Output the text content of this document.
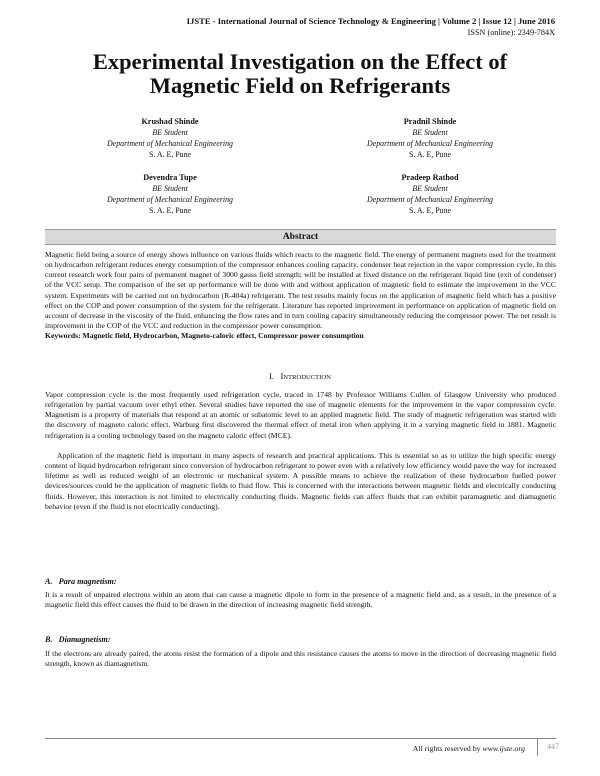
IJSTE - International Journal of Science Technology & Engineering | Volume 2 | Issue 12 | June 2016
ISSN (online): 2349-784X
Experimental Investigation on the Effect of
Magnetic Field on Refrigerants
Krushad Shinde
BE Student
Department of Mechanical Engineering
S. A. E, Pune
Pradnil Shinde
BE Student
Department of Mechanical Engineering
S. A. E, Pune
Devendra Tupe
BE Student
Department of Mechanical Engineering
S. A. E, Pune
Pradeep Rathod
BE Student
Department of Mechanical Engineering
S. A. E, Pune
Abstract
Magnetic field being a source of energy shows influence on various fluids which reacts to the magnetic field. The energy of permanent magnets used for the treatment on hydrocarbon refrigerant reduces energy consumption of the compressor enhances cooling capacity, condenser heat rejection in the vapor compression cycle. In this current research work four pairs of permanent magnet of 3000 gauss field strength; will be installed at fixed distance on the refrigerant liquid line (exit of condenser) of the VCC setup. The comparison of the set up performance will be done with and without application of magnetic field to estimate the improvement in the VCC system. Experiments will be carried out on hydrocarbon (R-404a) refrigerant. The test results mainly focus on the application of magnetic field which has a positive effect on the COP and power consumption of the system for the refrigerant. Literature has reported improvement in performance on application of magnetic field on account of decrease in the viscosity of the fluid, enhancing the flow rates and in turn cooling capacity simultaneously reducing the compressor power. The net result is improvement in the COP of the VCC and reduction in the compressor power consumption.
Keywords: Magnetic field, Hydrocarbon, Magneto-caloric effect, Compressor power consumption
I. INTRODUCTION
Vapor compression cycle is the most frequently used refrigeration cycle, traced in 1748 by Professor Williams Cullen of Glasgow University who produced refrigeration by partial vacuum over ethyl ether. Several studies have reported the use of magnetic elements for the improvement in the vapor compression cycle. Magnetism is a property of materials that respond at an atomic or subatomic level to an applied magnetic field. The study of magnetic refrigeration was started with the discovery of magneto caloric effect. Warburg first discovered the thermal effect of metal iron when applying it in a varying magnetic field in 1881. Magnetic refrigeration is a cooling technology based on the magneto caloric effect (MCE).
Application of the magnetic field is important in many aspects of research and practical applications. This is essential so as to utilize the high specific energy content of liquid hydrocarbon refrigerant since conversion of hydrocarbon refrigerant to power even with a relatively low efficiency would pave the way for increased lifetime as well as reduced weight of an electronic or mechanical system. A possible means to achieve the realization of these hydrocarbon fuelled power devices/sources could be the application of magnetic fields to fluid flow. This is concerned with the interactions between magnetic fields and electrically conducting fluids. However, this interaction is not limited to electrically conducting fluids. Magnetic fields can affect fluids that can exhibit paramagnetic and diamagnetic behavior (even if the fluid is not electrically conducting).
A. Para magnetism:
It is a result of unpaired electrons within an atom that can cause a magnetic dipole to form in the presence of a magnetic field and, as a result, in the presence of a magnetic field this effect causes the fluid to be drawn in the direction of increasing magnetic field strength.
B. Diamagnetism:
If the electrons are already paired, the atoms resist the formation of a dipole and this resistance causes the atoms to move in the direction of decreasing magnetic field strength, known as diamagnetism.
All rights reserved by www.ijste.org	447
